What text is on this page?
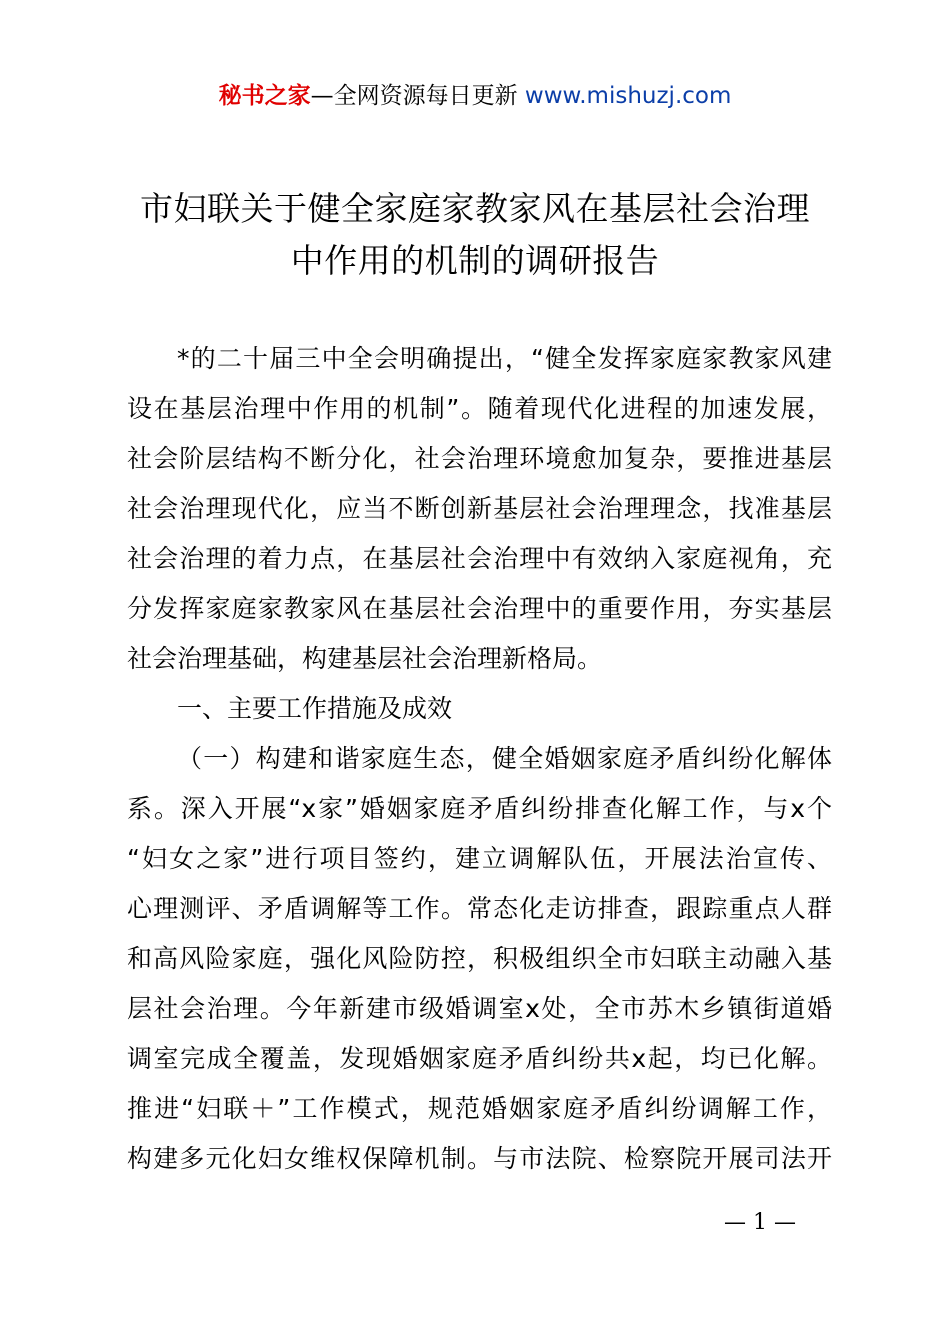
秘书之家—全网资源每日更新 www.mishuzj.com
市妇联关于健全家庭家教家风在基层社会治理
中作用的机制的调研报告
*的二十届三中全会明确提出，“健全发挥家庭家教家风建
设在基层治理中作用的机制”。随着现代化进程的加速发展，
社会阶层结构不断分化，社会治理环境愈加复杂，要推进基层
社会治理现代化，应当不断创新基层社会治理理念，找准基层
社会治理的着力点，在基层社会治理中有效纳入家庭视角，充
分发挥家庭家教家风在基层社会治理中的重要作用，夯实基层
社会治理基础，构建基层社会治理新格局。
一、主要工作措施及成效
（一）构建和谐家庭生态，健全婚姻家庭矛盾纠纷化解体
系。深入开展“x家”婚姻家庭矛盾纠纷排查化解工作，与x个
“妇女之家”进行项目签约，建立调解队伍，开展法治宣传、
心理测评、矛盾调解等工作。常态化走访排查，跟踪重点人群
和高风险家庭，强化风险防控，积极组织全市妇联主动融入基
层社会治理。今年新建市级婚调室x处，全市苏木乡镇街道婚
调室完成全覆盖，发现婚姻家庭矛盾纠纷共x起，均已化解。
推进“妇联＋”工作模式，规范婚姻家庭矛盾纠纷调解工作，
构建多元化妇女维权保障机制。与市法院、检察院开展司法开
— 1 —
